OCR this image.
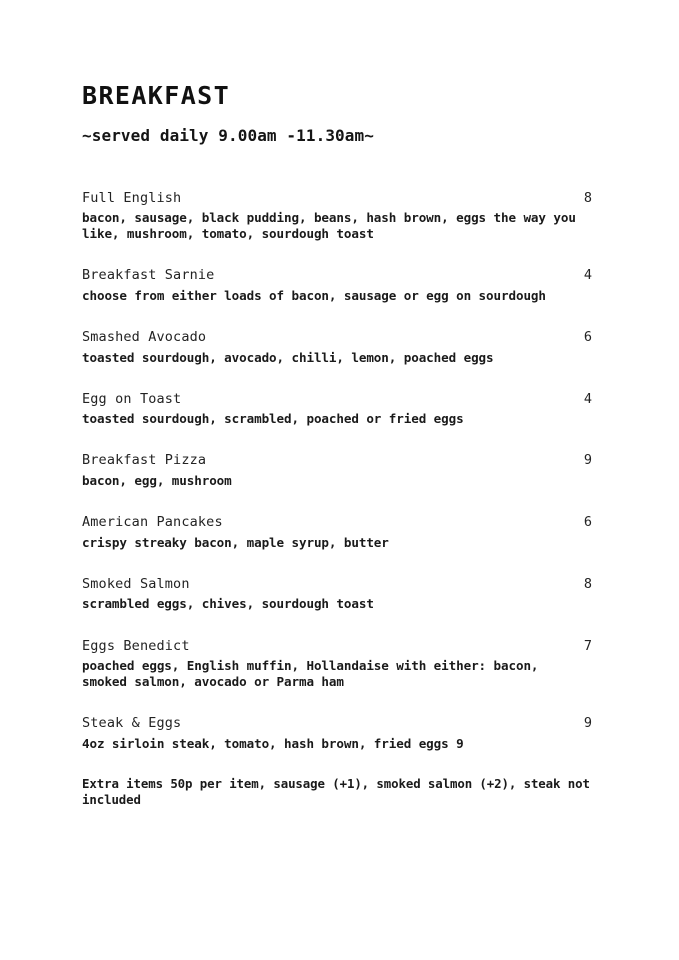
BREAKFAST

~served daily 9.00am -11.30am~

Full English	8
bacon, sausage, black pudding, beans, hash brown, eggs the way you like, mushroom, tomato, sourdough toast
Breakfast Sarnie	4
choose from either loads of bacon, sausage or egg on sourdough
Smashed Avocado	6
toasted sourdough, avocado, chilli, lemon, poached eggs
Egg on Toast	4
toasted sourdough, scrambled, poached or fried eggs
Breakfast Pizza	9
bacon, egg, mushroom
American Pancakes	6
crispy streaky bacon, maple syrup, butter
Smoked Salmon	8
scrambled eggs, chives, sourdough toast
Eggs Benedict	7
poached eggs, English muffin, Hollandaise with either: bacon, smoked salmon, avocado or Parma ham
Steak & Eggs	9
4oz sirloin steak, tomato, hash brown, fried eggs 9

Extra items 50p per item, sausage (+1), smoked salmon (+2), steak not included
